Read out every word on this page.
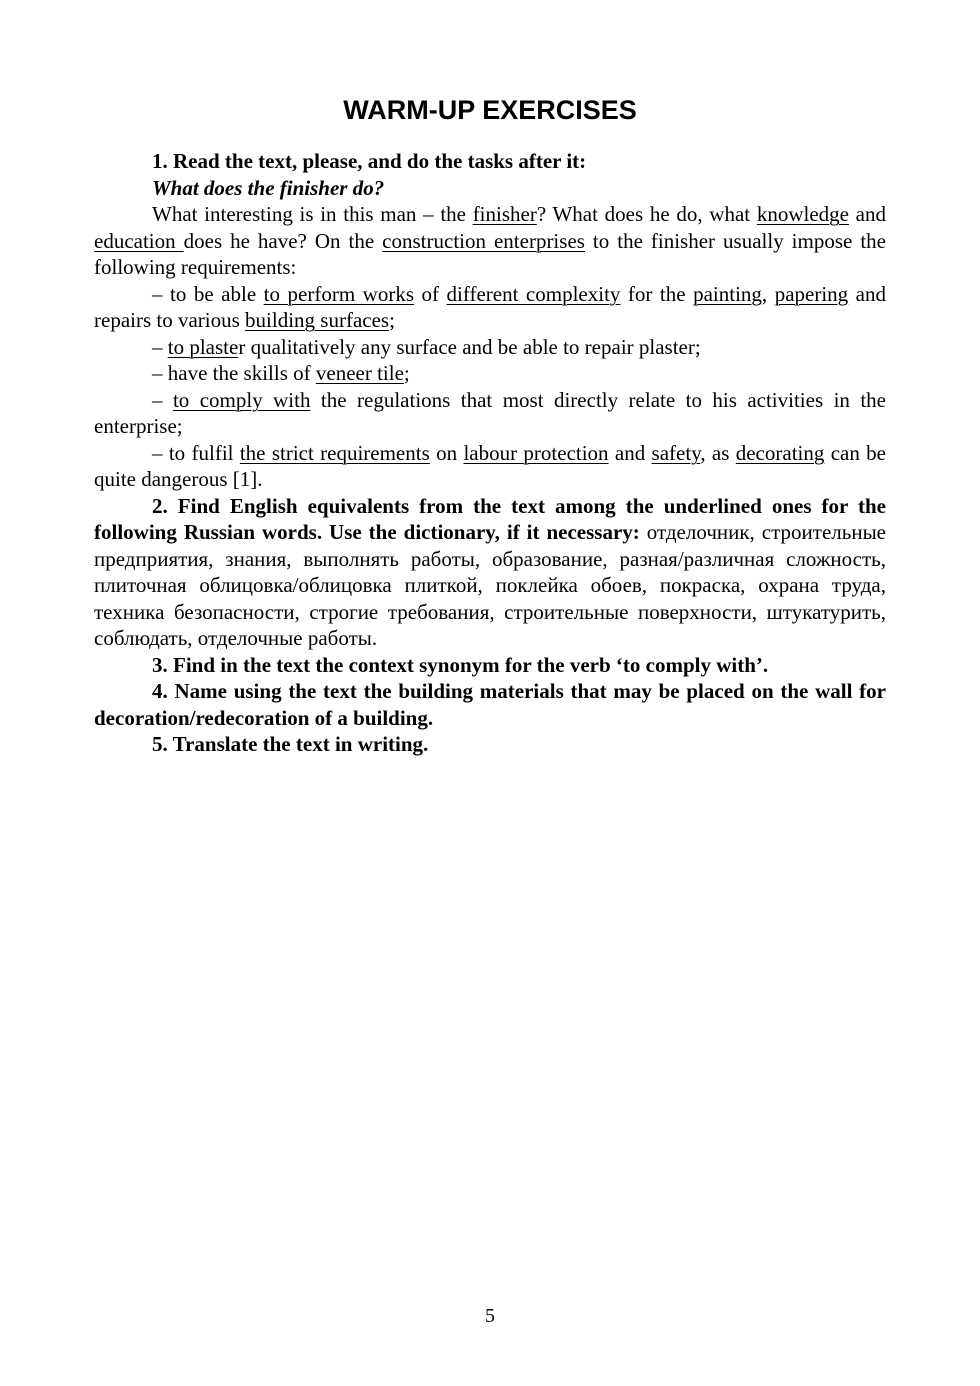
WARM-UP EXERCISES

1. Read the text, please, and do the tasks after it:

What does the finisher do?

What interesting is in this man – the finisher? What does he do, what knowledge and education does he have? On the construction enterprises to the finisher usually impose the following requirements:

– to be able to perform works of different complexity for the painting, papering and repairs to various building surfaces;

– to plaster qualitatively any surface and be able to repair plaster;

– have the skills of veneer tile;

– to comply with the regulations that most directly relate to his activities in the enterprise;

– to fulfil the strict requirements on labour protection and safety, as decorating can be quite dangerous [1].

2. Find English equivalents from the text among the underlined ones for the following Russian words. Use the dictionary, if it necessary: отделочник, строительные предприятия, знания, выполнять работы, образование, разная/различная сложность, плиточная облицовка/облицовка плиткой, поклейка обоев, покраска, охрана труда, техника безопасности, строгие требования, строительные поверхности, штукатурить, соблюдать, отделочные работы.

3. Find in the text the context synonym for the verb ‘to comply with’.

4. Name using the text the building materials that may be placed on the wall for decoration/redecoration of a building.

5. Translate the text in writing.

5
